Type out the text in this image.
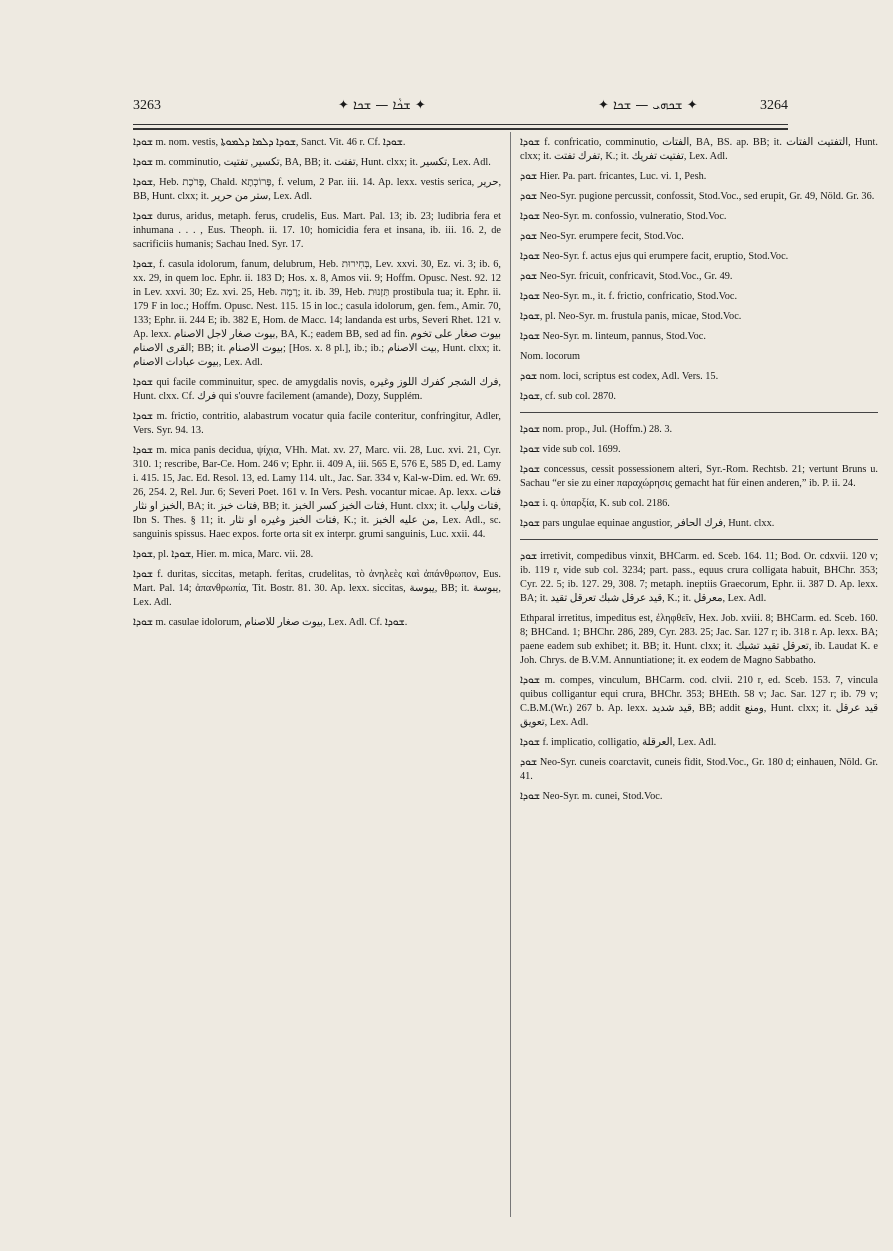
3263	✦ ܫܟܵܐ — ܫܟܐ ✦	✦ ܫܟܗܝ — ܫܟܐ ✦	3264

ܫܘܕܐ m. nom. vestis, ܫܘܕܐ ܕܠܡܐ ܕܠܡܘܬܐ, Sanct. Vit. 46 r. Cf. ܫܘܕܐ.

ܫܘܕܐ m. comminutio, تكسير, تفتيت, BA, BB; it. تفتت, Hunt. clxx; it. تكسير, Lex. Adl.

ܫܘܕܐ, Heb. פָּרֹכֶת, Chald. פָּרוֹכְתָא, f. velum, 2 Par. iii. 14. Ap. lexx. vestis serica, حرير, BB, Hunt. clxx; it. ستر من حرير, Lex. Adl.

ܫܘܕܐ durus, aridus, metaph. ferus, crudelis, Eus. Mart. Pal. 13; ib. 23; ludibria fera et inhumana . . . , Eus. Theoph. ii. 17. 10; homicidia fera et insana, ib. iii. 16. 2, de sacrificiis humanis; Sachau Ined. Syr. 17.

ܫܘܕܐ, f. casula idolorum, fanum, delubrum, Heb. בְּחִירוּת, Lev. xxvi. 30, Ez. vi. 3; ib. 6, xx. 29, in quem loc. Ephr. ii. 183 D; Hos. x. 8, Amos vii. 9; Hoffm. Opusc. Nest. 92. 12 in Lev. xxvi. 30; Ez. xvi. 25, Heb. רָמָה; it. ib. 39, Heb. תַּזְנוּת prostibula tua; it. Ephr. ii. 179 F in loc.; Hoffm. Opusc. Nest. 115. 15 in loc.; casula idolorum, gen. fem., Amir. 70, 133; Ephr. ii. 244 E; ib. 382 E, Hom. de Macc. 14; landanda est urbs, Severi Rhet. 121 v. Ap. lexx. بيوت صغار لاجل الاصنام, BA, K.; eadem BB, sed ad fin. بيوت صغار على تخوم القرى الاصنام; BB; it. بيوت الاصنام; [Hos. x. 8 pl.], ib.; ib.; بيت الاصنام, Hunt. clxx; it. بيوت عبادات الاصنام, Lex. Adl.

ܫܘܕܐ qui facile comminuitur, spec. de amygdalis novis, فرك الشجر كفرك اللوز وغيره, Hunt. clxx. Cf. فرك qui s'ouvre facilement (amande), Dozy, Supplém.

ܫܘܕܐ m. frictio, contritio, alabastrum vocatur quia facile conteritur, confringitur, Adler, Vers. Syr. 94. 13.

ܫܘܕܐ m. mica panis decidua, ψίχια, VHh. Mat. xv. 27, Marc. vii. 28, Luc. xvi. 21, Cyr. 310. 1; rescribe, Bar-Ce. Hom. 246 v; Ephr. ii. 409 A, iii. 565 E, 576 E, 585 D, ed. Lamy i. 415. 15, Jac. Ed. Resol. 13, ed. Lamy 114. ult., Jac. Sar. 334 v, Kal-w-Dim. ed. Wr. 69. 26, 254. 2, Rel. Jur. 6; Severi Poet. 161 v. In Vers. Pesh. vocantur micae. Ap. lexx. فتات الخبز او نثار, BA; it. فتات خبز, BB; it. فتات الخبز كسر الخبز, Hunt. clxx; it. فتات ولباب, Ibn S. Thes. § 11; it. فتات الخبز وغيره او نثار, K.; it. من عليه الخبز, Lex. Adl., sc. sanguinis spissus. Haec expos. forte orta sit ex interpr. grumi sanguinis, Luc. xxii. 44.

ܫܘܕܐ, pl. ܫܘܕܐ, Hier. m. mica, Marc. vii. 28.

ܫܘܕܐ f. duritas, siccitas, metaph. feritas, crudelitas, τὸ ἀνηλεὲς καὶ ἀπάνθρωπον, Eus. Mart. Pal. 14; ἀπανθρωπία, Tit. Bostr. 81. 30. Ap. lexx. siccitas, يبوسة, BB; it. يبوسة, Lex. Adl.

ܫܘܕܐ m. casulae idolorum, بيوت صغار للاصنام, Lex. Adl. Cf. ܫܘܕܐ.

ܫܘܕܐ f. confricatio, comminutio, الفتات, BA, BS. ap. BB; it. التفتيت الفتات, Hunt. clxx; it. تفرك تفتت, K.; it. تفتيت تفريك, Lex. Adl.

ܫܘܕ Hier. Pa. part. fricantes, Luc. vi. 1, Pesh.

ܫܘܕ Neo-Syr. pugione percussit, confossit, Stod.Voc., sed erupit, Gr. 49, Nöld. Gr. 36.

ܫܘܕܐ Neo-Syr. m. confossio, vulneratio, Stod.Voc.

ܫܘܕ Neo-Syr. erumpere fecit, Stod.Voc.

ܫܘܕܐ Neo-Syr. f. actus ejus qui erumpere facit, eruptio, Stod.Voc.

ܫܘܕ Neo-Syr. fricuit, confricavit, Stod.Voc., Gr. 49.

ܫܘܕܐ Neo-Syr. m., it. f. frictio, confricatio, Stod.Voc.

ܫܘܕܐ, pl. Neo-Syr. m. frustula panis, micae, Stod.Voc.

ܫܘܕܐ Neo-Syr. m. linteum, pannus, Stod.Voc.

Nom. locorum

ܫܘܕ nom. loci, scriptus est codex, Adl. Vers. 15.

ܫܘܕܐ, cf. sub col. 2870.

ܫܘܕܐ nom. prop., Jul. (Hoffm.) 28. 3.

ܫܘܕܐ vide sub col. 1699.

ܫܘܕܐ concessus, cessit possessionem alteri, Syr.-Rom. Rechtsb. 21; vertunt Bruns u. Sachau “er sie zu einer παραχώρησις gemacht hat für einen anderen,” ib. P. ii. 24.

ܫܘܕܐ i. q. ὑπαρξία, K. sub col. 2186.

ܫܘܕܐ pars ungulae equinae angustior, فرك الحافر, Hunt. clxx.

ܫܘܕ irretivit, compedibus vinxit, BHCarm. ed. Sceb. 164. 11; Bod. Or. cdxvii. 120 v; ib. 119 r, vide sub col. 3234; part. pass., equus crura colligata habuit, BHChr. 353; Cyr. 22. 5; ib. 127. 29, 308. 7; metaph. ineptiis Graecorum, Ephr. ii. 387 D. Ap. lexx. BA; it. قيد عرقل شبك تعرقل تقيد, K.; it. معرقل, Lex. Adl.

Ethparal irretitus, impeditus est, ἐληφθεῖν, Hex. Job. xviii. 8; BHCarm. ed. Sceb. 160. 8; BHCand. 1; BHChr. 286, 289, Cyr. 283. 25; Jac. Sar. 127 r; ib. 318 r. Ap. lexx. BA; paene eadem sub exhibet; it. BB; it. Hunt. clxx; it. تعرقل تقيد تشبك, ib. Laudat K. e Joh. Chrys. de B.V.M. Annuntiatione; it. ex eodem de Magno Sabbatho.

ܫܘܕܐ m. compes, vinculum, BHCarm. cod. clvii. 210 r, ed. Sceb. 153. 7, vincula quibus colligantur equi crura, BHChr. 353; BHEth. 58 v; Jac. Sar. 127 r; ib. 79 v; C.B.M.(Wr.) 267 b. Ap. lexx. قيد شديد, BB; addit ومنع, Hunt. clxx; it. قيد عرقل تعويق, Lex. Adl.

ܫܘܕܐ f. implicatio, colligatio, العرقلة, Lex. Adl.

ܫܘܕ Neo-Syr. cuneis coarctavit, cuneis fidit, Stod.Voc., Gr. 180 d; einhauen, Nöld. Gr. 41.

ܫܘܕܐ Neo-Syr. m. cunei, Stod.Voc.
